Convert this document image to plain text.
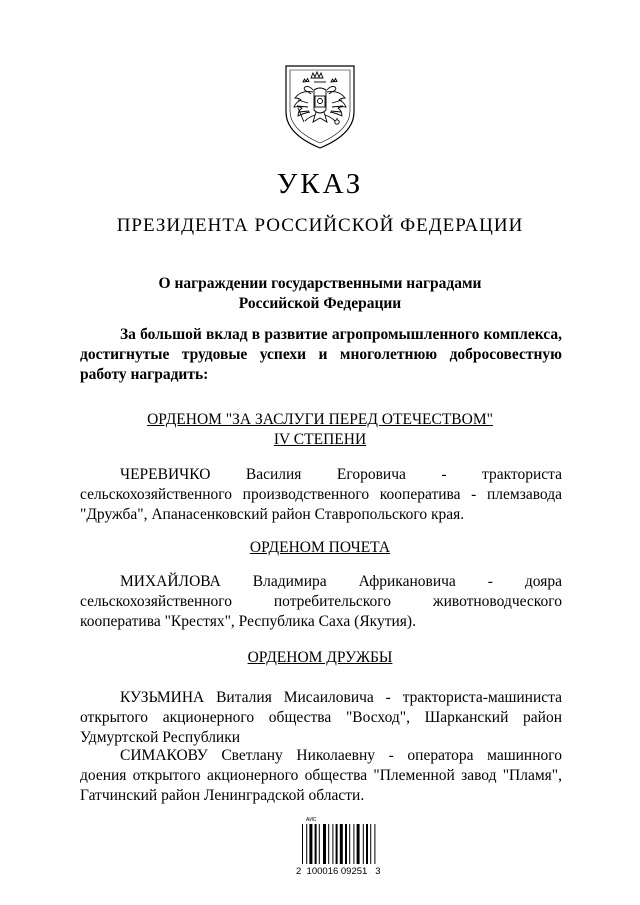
УКАЗ
ПРЕЗИДЕНТА РОССИЙСКОЙ ФЕДЕРАЦИИ
О награждении государственными наградами
Российской Федерации
За большой вклад в развитие агропромышленного комплекса, достигнутые трудовые успехи и многолетнюю добросовестную работу наградить:
ОРДЕНОМ "ЗА ЗАСЛУГИ ПЕРЕД ОТЕЧЕСТВОМ"
IV СТЕПЕНИ
ЧЕРЕВИЧКО Василия Егоровича - тракториста сельскохозяйственного производственного кооператива - племзавода "Дружба", Апанасенковский район Ставропольского края.
ОРДЕНОМ ПОЧЕТА
МИХАЙЛОВА Владимира Африкановича - дояра сельскохозяйственного потребительского животноводческого кооператива "Крестях", Республика Саха (Якутия).
ОРДЕНОМ ДРУЖБЫ
КУЗЬМИНА Виталия Мисаиловича - тракториста-машиниста открытого акционерного общества "Восход", Шарканский район Удмуртской Республики
СИМАКОВУ Светлану Николаевну - оператора машинного доения открытого акционерного общества "Племенной завод "Пламя", Гатчинский район Ленинградской области.
АИС
2  100016 09251   3
